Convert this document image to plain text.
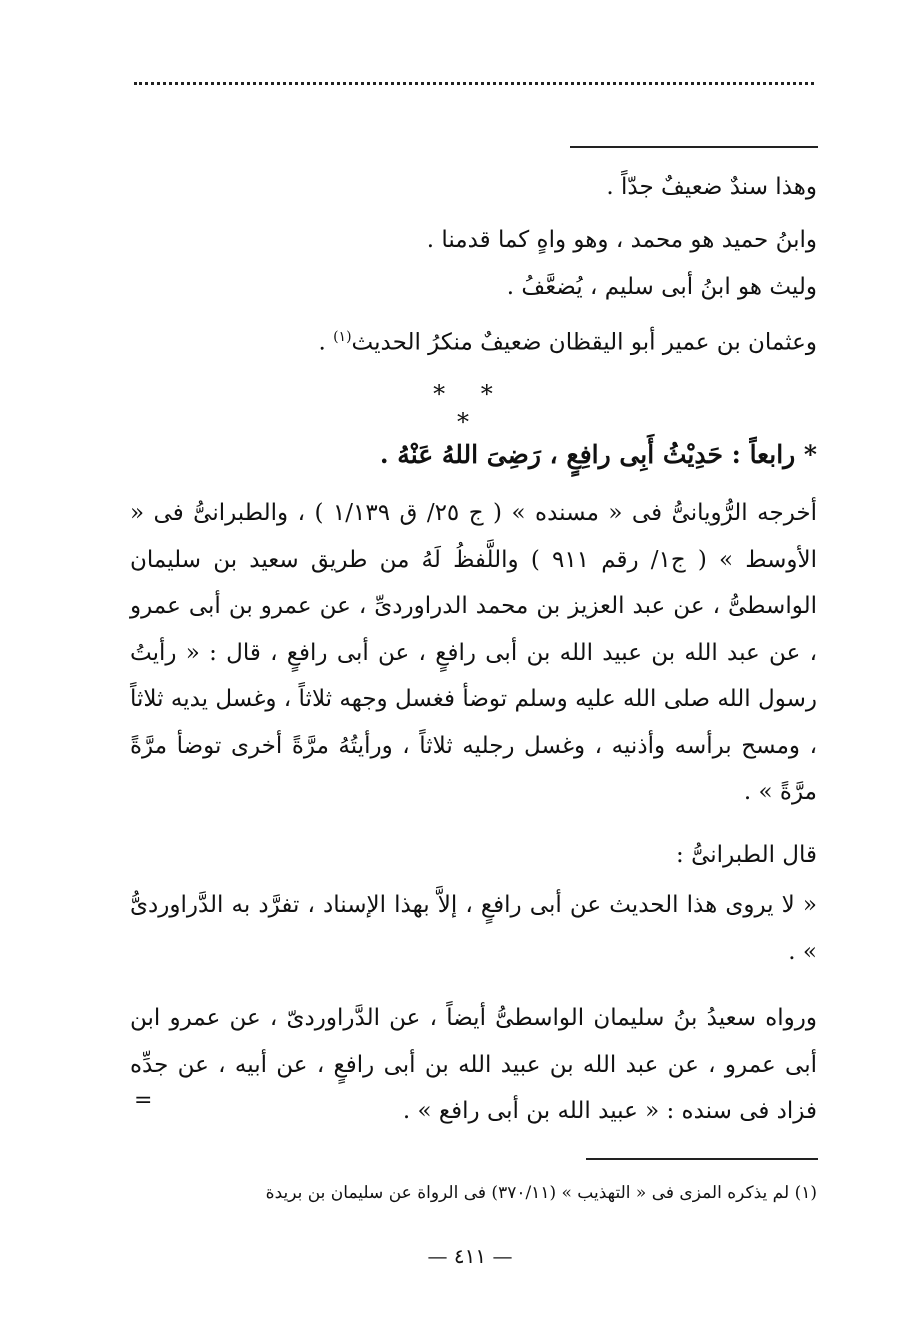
وهذا سندٌ ضعيفٌ جدّاً .
وابنُ حميد هو محمد ، وهو واهٍ كما قدمنا .
وليث هو ابنُ أبى سليم ، يُضعَّفُ .
وعثمان بن عمير أبو اليقظان ضعيفٌ منكرُ الحديث$^{(١)}$ .
* * *
* رابعاً : حَدِيْثُ أَبِى رافِعٍ ، رَضِىَ اللهُ عَنْهُ .
أخرجه الرُّويانىُّ فى « مسنده » ( ج ٢٥/ ق ١/١٣٩ ) ، والطبرانىُّ فى « الأوسط » ( ج١/ رقم ٩١١ ) واللَّفظُ لَهُ من طريق سعيد بن سليمان الواسطىُّ ، عن عبد العزيز بن محمد الدراوردىِّ ، عن عمرو بن أبى عمرو ، عن عبد الله بن عبيد الله بن أبى رافعٍ ، عن أبى رافعٍ ، قال : « رأيتُ رسول الله صلى الله عليه وسلم توضأ فغسل وجهه ثلاثاً ، وغسل يديه ثلاثاً ، ومسح برأسه وأذنيه ، وغسل رجليه ثلاثاً ، ورأيتُهُ مرَّةً أخرى توضأ مرَّةً مرَّةً » .
قال الطبرانىُّ :
« لا يروى هذا الحديث عن أبى رافعٍ ، إلاَّ بهذا الإسناد ، تفرَّد به الدَّراوردىُّ » .
ورواه سعيدُ بنُ سليمان الواسطىُّ أيضاً ، عن الدَّراوردىّ ، عن عمرو ابن أبى عمرو ، عن عبد الله بن عبيد الله بن أبى رافعٍ ، عن أبيه ، عن جدِّه فزاد فى سنده : « عبيد الله بن أبى رافع » .
=
(١) لم يذكره المزى فى « التهذيب » (٣٧٠/١١) فى الرواة عن سليمان بن بريدة
— ٤١١ —
